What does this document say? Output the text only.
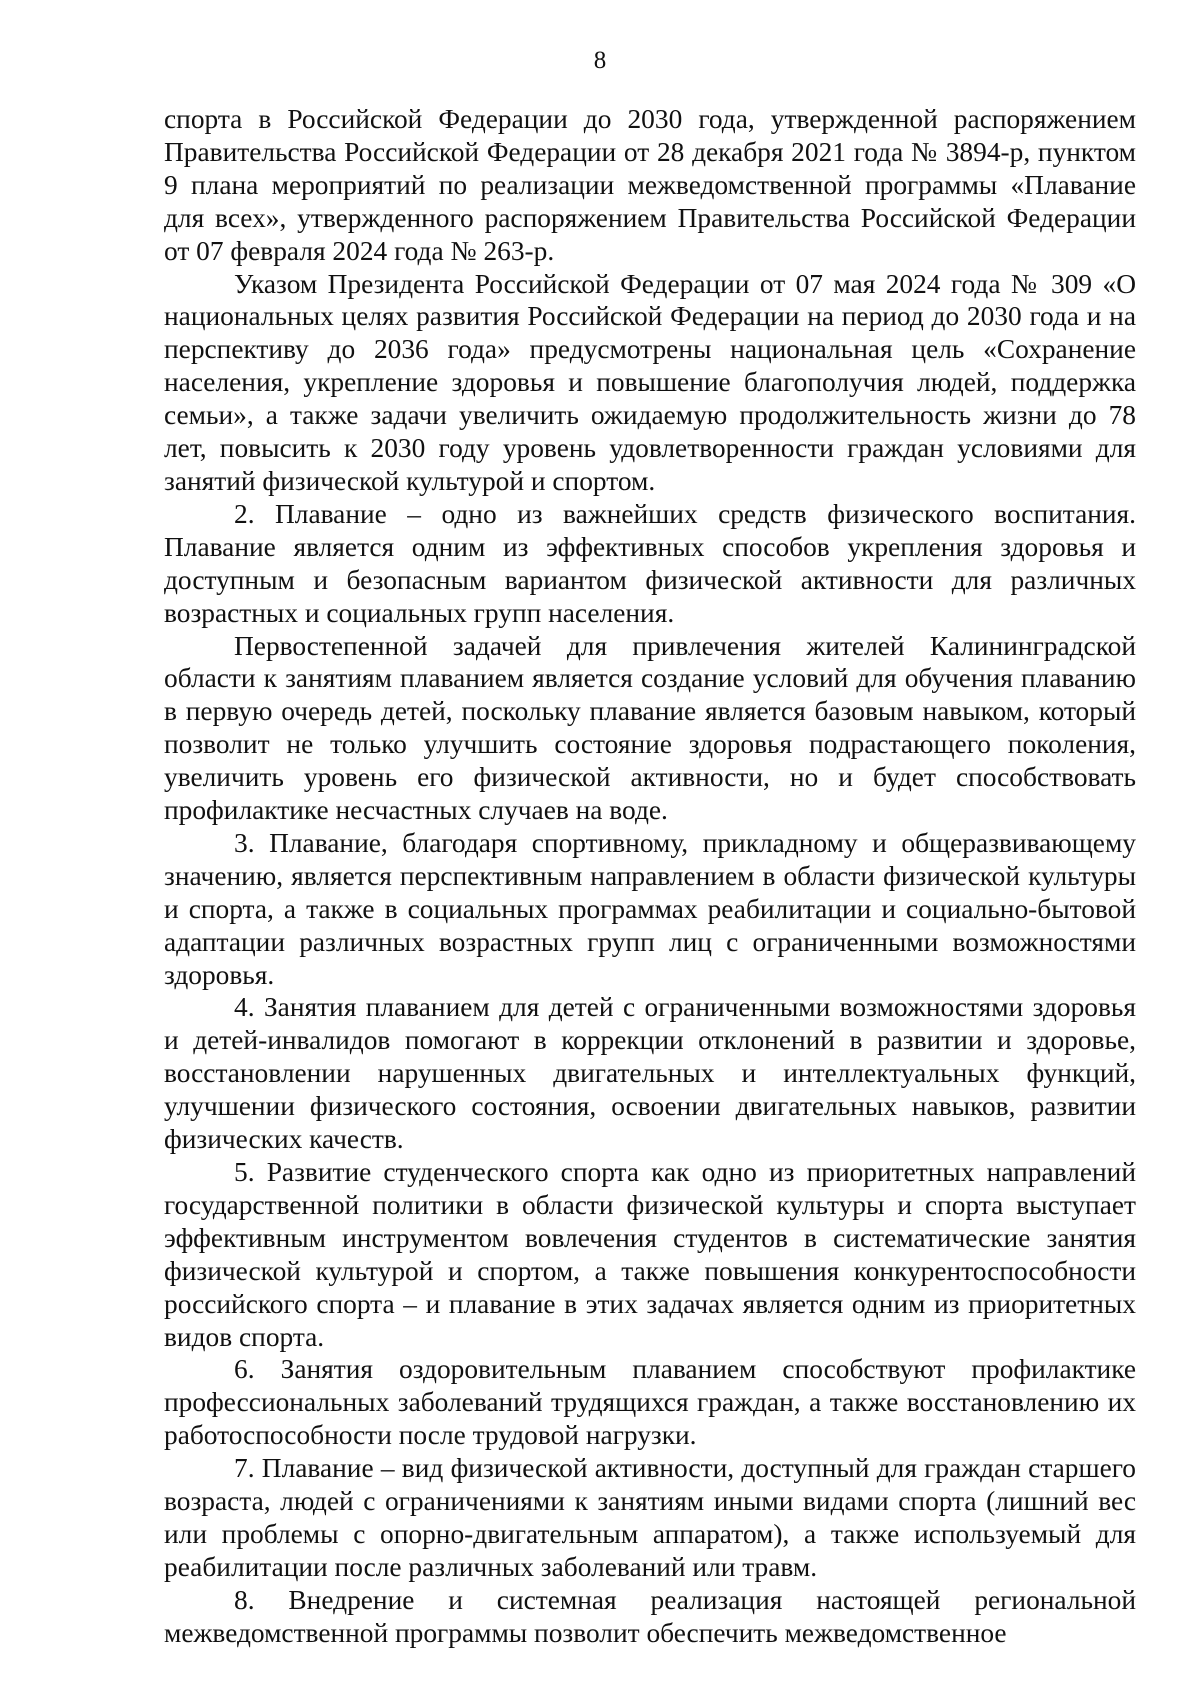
8

спорта в Российской Федерации до 2030 года, утвержденной распоряжением Правительства Российской Федерации от 28 декабря 2021 года № 3894-р, пунктом 9 плана мероприятий по реализации межведомственной программы «Плавание для всех», утвержденного распоряжением Правительства Российской Федерации от 07 февраля 2024 года № 263-р.

Указом Президента Российской Федерации от 07 мая 2024 года № 309 «О национальных целях развития Российской Федерации на период до 2030 года и на перспективу до 2036 года» предусмотрены национальная цель «Сохранение населения, укрепление здоровья и повышение благополучия людей, поддержка семьи», а также задачи увеличить ожидаемую продолжительность жизни до 78 лет, повысить к 2030 году уровень удовлетворенности граждан условиями для занятий физической культурой и спортом.

2. Плавание – одно из важнейших средств физического воспитания. Плавание является одним из эффективных способов укрепления здоровья и доступным и безопасным вариантом физической активности для различных возрастных и социальных групп населения.

Первостепенной задачей для привлечения жителей Калининградской области к занятиям плаванием является создание условий для обучения плаванию в первую очередь детей, поскольку плавание является базовым навыком, который позволит не только улучшить состояние здоровья подрастающего поколения, увеличить уровень его физической активности, но и будет способствовать профилактике несчастных случаев на воде.

3. Плавание, благодаря спортивному, прикладному и общеразвивающему значению, является перспективным направлением в области физической культуры и спорта, а также в социальных программах реабилитации и социально-бытовой адаптации различных возрастных групп лиц с ограниченными возможностями здоровья.

4. Занятия плаванием для детей с ограниченными возможностями здоровья и детей-инвалидов помогают в коррекции отклонений в развитии и здоровье, восстановлении нарушенных двигательных и интеллектуальных функций, улучшении физического состояния, освоении двигательных навыков, развитии физических качеств.

5. Развитие студенческого спорта как одно из приоритетных направлений государственной политики в области физической культуры и спорта выступает эффективным инструментом вовлечения студентов в систематические занятия физической культурой и спортом, а также повышения конкурентоспособности российского спорта – и плавание в этих задачах является одним из приоритетных видов спорта.

6. Занятия оздоровительным плаванием способствуют профилактике профессиональных заболеваний трудящихся граждан, а также восстановлению их работоспособности после трудовой нагрузки.

7. Плавание – вид физической активности, доступный для граждан старшего возраста, людей с ограничениями к занятиям иными видами спорта (лишний вес или проблемы с опорно-двигательным аппаратом), а также используемый для реабилитации после различных заболеваний или травм.

8. Внедрение и системная реализация настоящей региональной межведомственной программы позволит обеспечить межведомственное
